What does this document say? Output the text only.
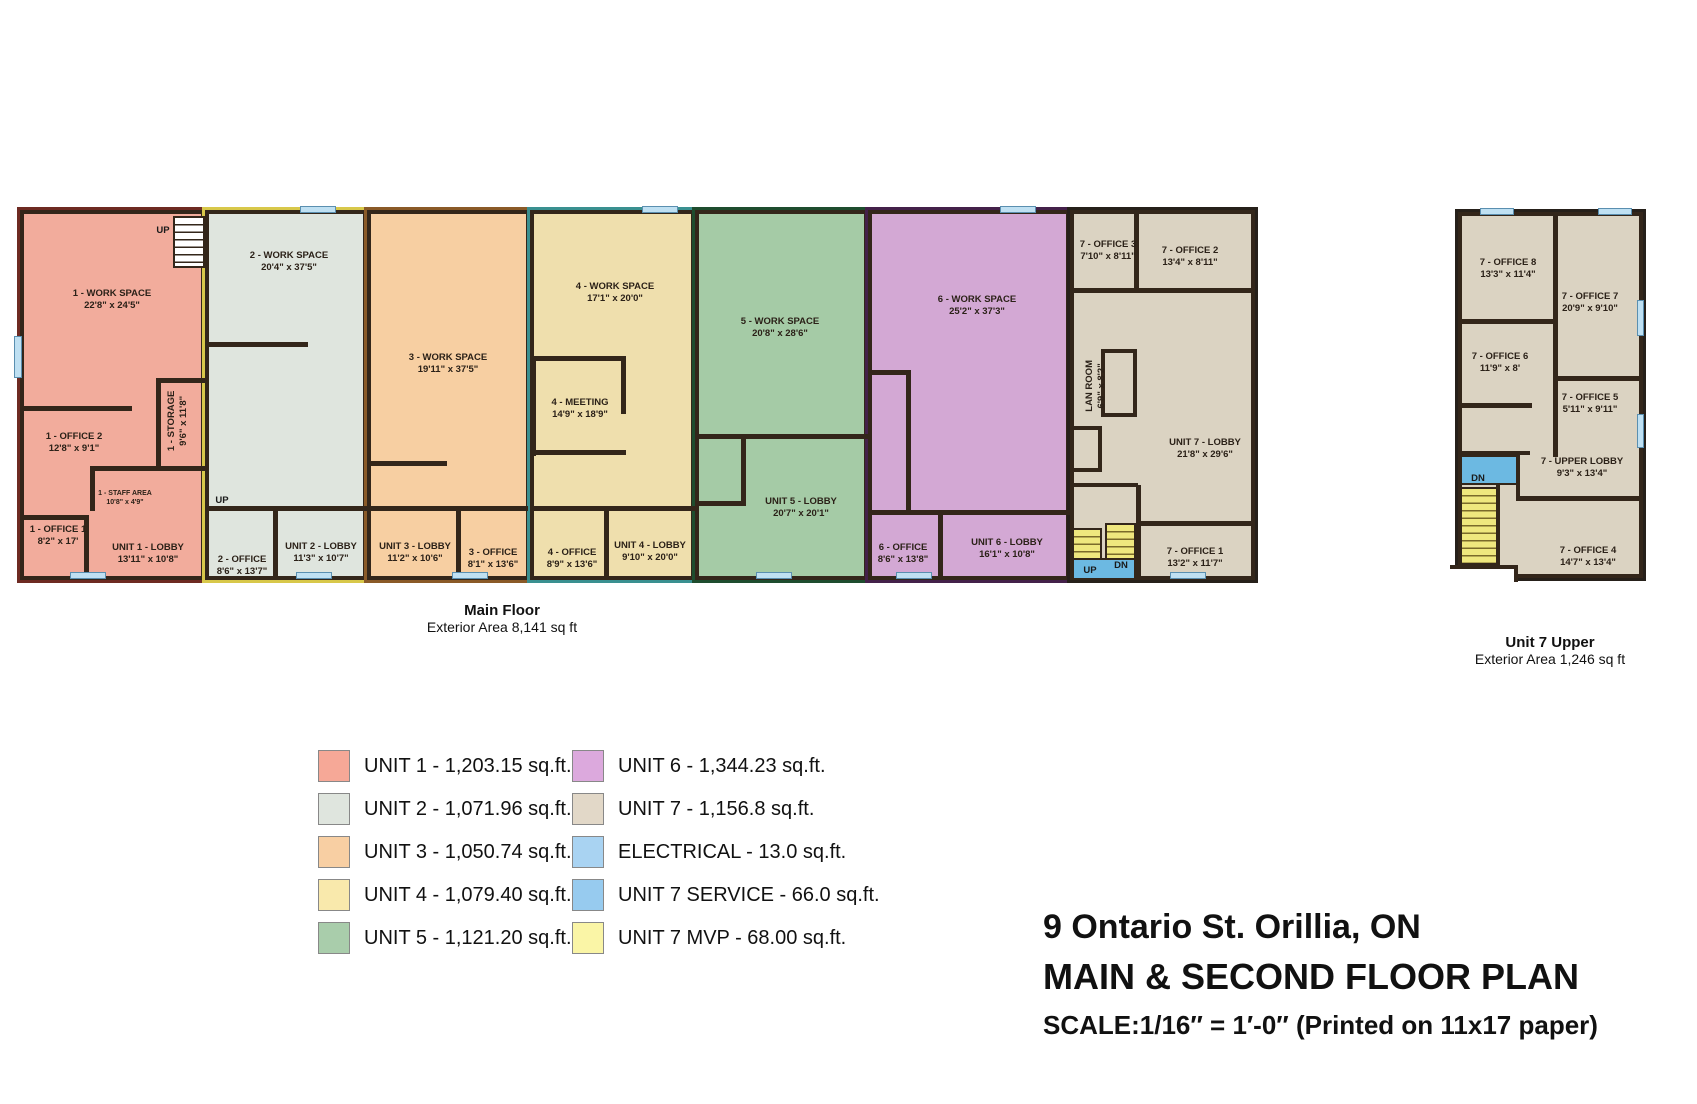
1 - WORK SPACE
22'8" x 24'5"
1 - OFFICE 2
12'8" x 9'1"	1 - STORAGE 9'6" x 11'8"
1 - STAFF AREA
10'8" x 4'9"
1 - OFFICE 1
8'2" x 17'
UNIT 1 - LOBBY
13'11" x 10'8"
UP
2 - WORK SPACE
20'4" x 37'5"
2 - OFFICE
8'6" x 13'7"
UNIT 2 - LOBBY
11'3" x 10'7"
UP
3 - WORK SPACE
19'11" x 37'5"
UNIT 3 - LOBBY
11'2" x 10'6"
3 - OFFICE
8'1" x 13'6"
4 - WORK SPACE
17'1" x 20'0"
4 - MEETING
14'9" x 18'9"
4 - OFFICE
8'9" x 13'6"
UNIT 4 - LOBBY
9'10" x 20'0"
5 - WORK SPACE
20'8" x 28'6"
UNIT 5 - LOBBY
20'7" x 20'1"
6 - WORK SPACE
25'2" x 37'3"
6 - OFFICE
8'6" x 13'8"
UNIT 6 - LOBBY
16'1" x 10'8"
7 - OFFICE 3
7'10" x 8'11"
7 - OFFICE 2
13'4" x 8'11"
LAN ROOM 6'9" x 8'2"
UNIT 7 - LOBBY
21'8" x 29'6"
7 - OFFICE 1
13'2" x 11'7"
UP	DN
7 - OFFICE 8
13'3" x 11'4"
7 - OFFICE 7
20'9" x 9'10"
7 - OFFICE 6
11'9" x 8'
7 - OFFICE 5
5'11" x 9'11"
7 - UPPER LOBBY
9'3" x 13'4"
7 - OFFICE 4
14'7" x 13'4"
DN
Main Floor
Exterior Area 8,141 sq ft
Unit 7 Upper
Exterior Area 1,246 sq ft
UNIT 1 - 1,203.15 sq.ft.
UNIT 2 - 1,071.96 sq.ft.
UNIT 3 - 1,050.74 sq.ft.
UNIT 4 - 1,079.40 sq.ft.
UNIT 5 - 1,121.20 sq.ft.
UNIT 6 - 1,344.23 sq.ft.
UNIT 7 - 1,156.8 sq.ft.
ELECTRICAL - 13.0 sq.ft.
UNIT 7 SERVICE - 66.0 sq.ft.
UNIT 7 MVP - 68.00 sq.ft.	9 Ontario St. Orillia, ON
MAIN & SECOND FLOOR PLAN
SCALE:1/16″ = 1′-0″ (Printed on 11x17 paper)
